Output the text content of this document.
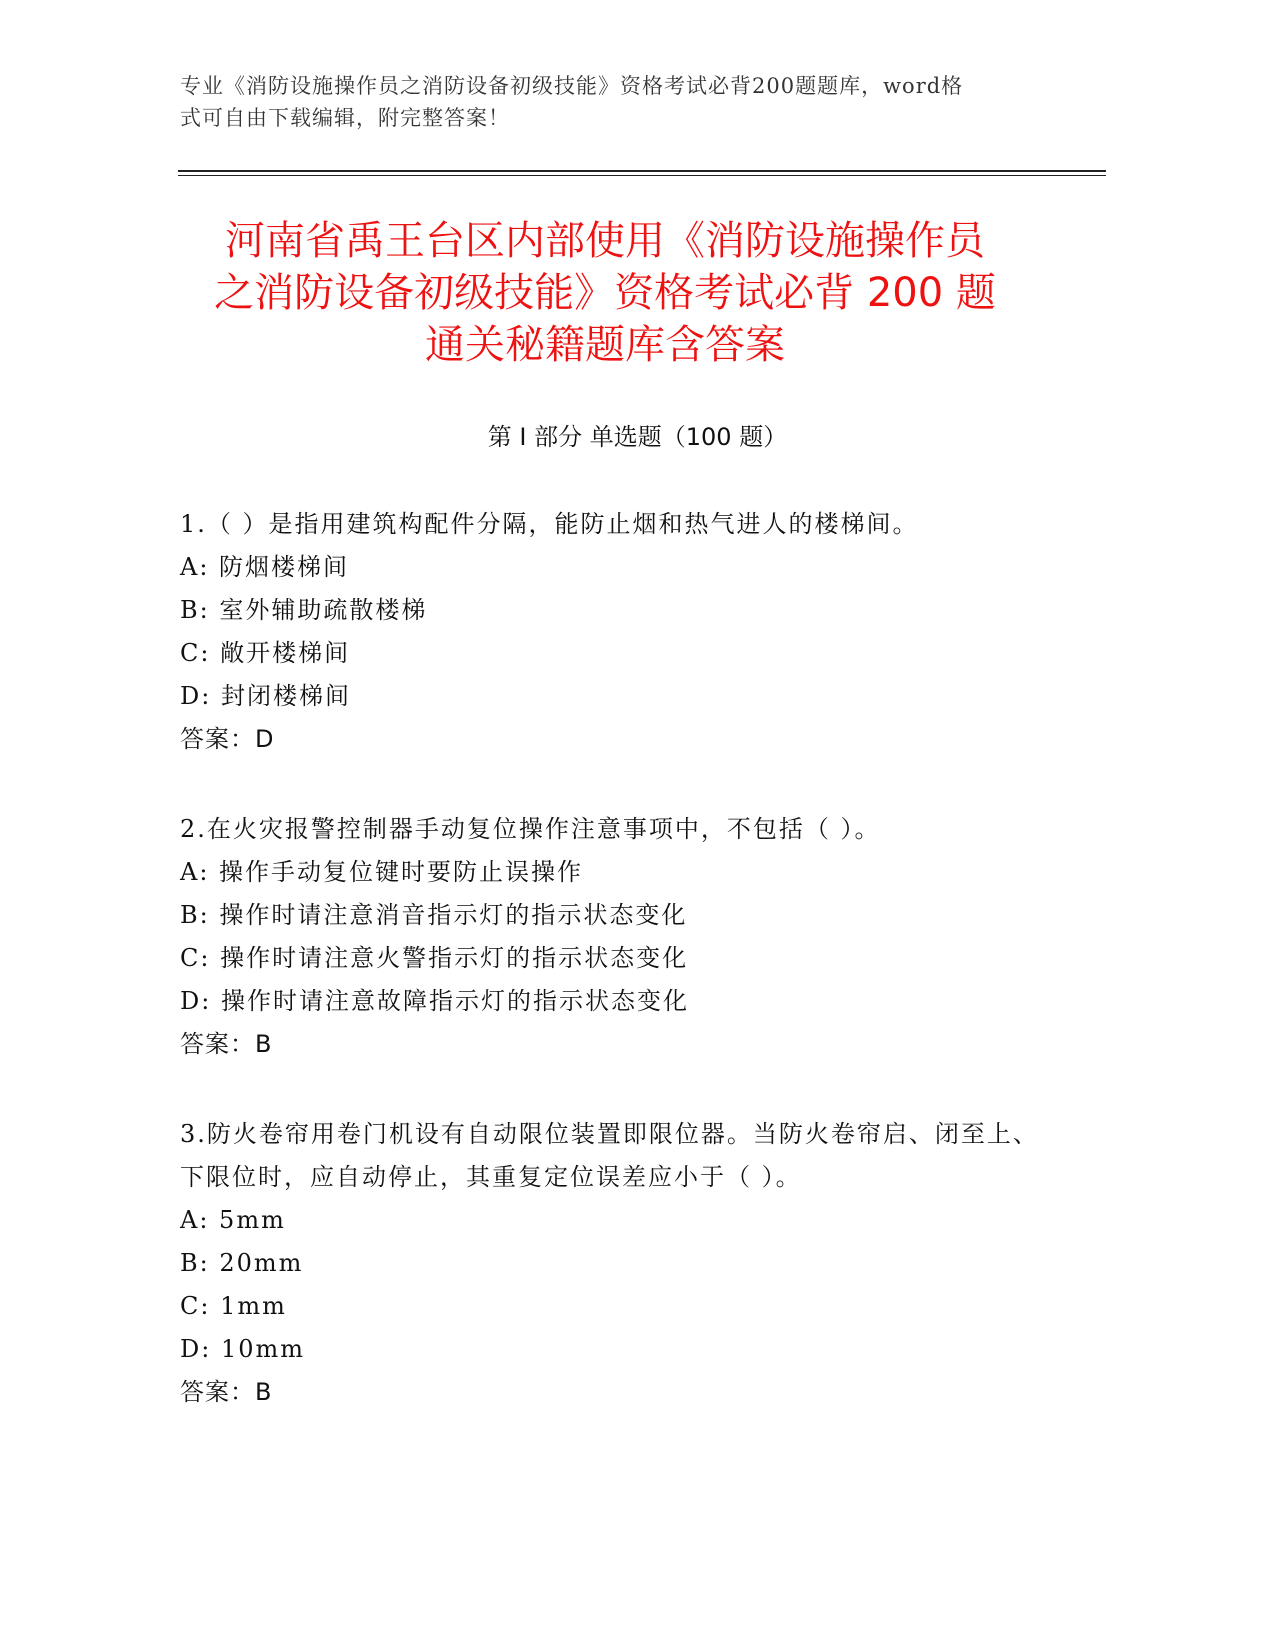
专业《消防设施操作员之消防设备初级技能》资格考试必背200题题库，word格
式可自由下载编辑，附完整答案！
河南省禹王台区内部使用《消防设施操作员
之消防设备初级技能》资格考试必背 200 题
通关秘籍题库含答案
第 I 部分 单选题（100 题）
1.（ ）是指用建筑构配件分隔，能防止烟和热气进人的楼梯间。
A: 防烟楼梯间
B: 室外辅助疏散楼梯
C: 敞开楼梯间
D: 封闭楼梯间
答案：D
2.在火灾报警控制器手动复位操作注意事项中，不包括（ ）。
A: 操作手动复位键时要防止误操作
B: 操作时请注意消音指示灯的指示状态变化
C: 操作时请注意火警指示灯的指示状态变化
D: 操作时请注意故障指示灯的指示状态变化
答案：B
3.防火卷帘用卷门机设有自动限位装置即限位器。当防火卷帘启、闭至上、下限位时，应自动停止，其重复定位误差应小于（ ）。
A: 5mm
B: 20mm
C: 1mm
D: 10mm
答案：B
